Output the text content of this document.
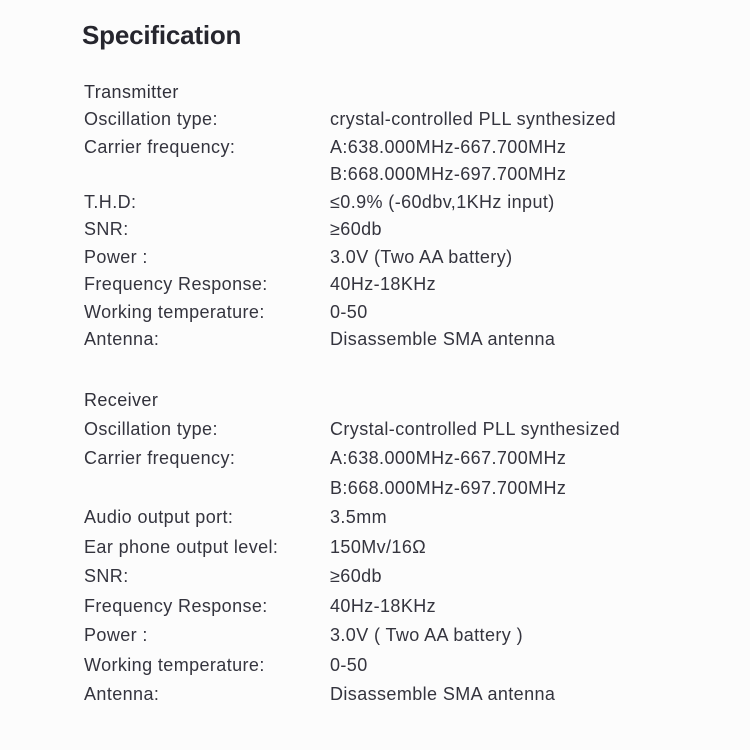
Specification
Transmitter
Oscillation type:	crystal-controlled PLL synthesized
Carrier frequency:	A:638.000MHz-667.700MHz
B:668.000MHz-697.700MHz
T.H.D:	≤0.9% (-60dbv,1KHz input)
SNR:	≥60db
Power :	3.0V (Two AA battery)
Frequency Response:	40Hz-18KHz
Working temperature:	0-50
Antenna:	Disassemble SMA antenna
Receiver
Oscillation type:	Crystal-controlled PLL synthesized
Carrier frequency:	A:638.000MHz-667.700MHz
B:668.000MHz-697.700MHz
Audio output port:	3.5mm
Ear phone output level:	150Mv/16Ω
SNR:	≥60db
Frequency Response:	40Hz-18KHz
Power :	3.0V ( Two AA battery )
Working temperature:	0-50
Antenna:	Disassemble SMA antenna
